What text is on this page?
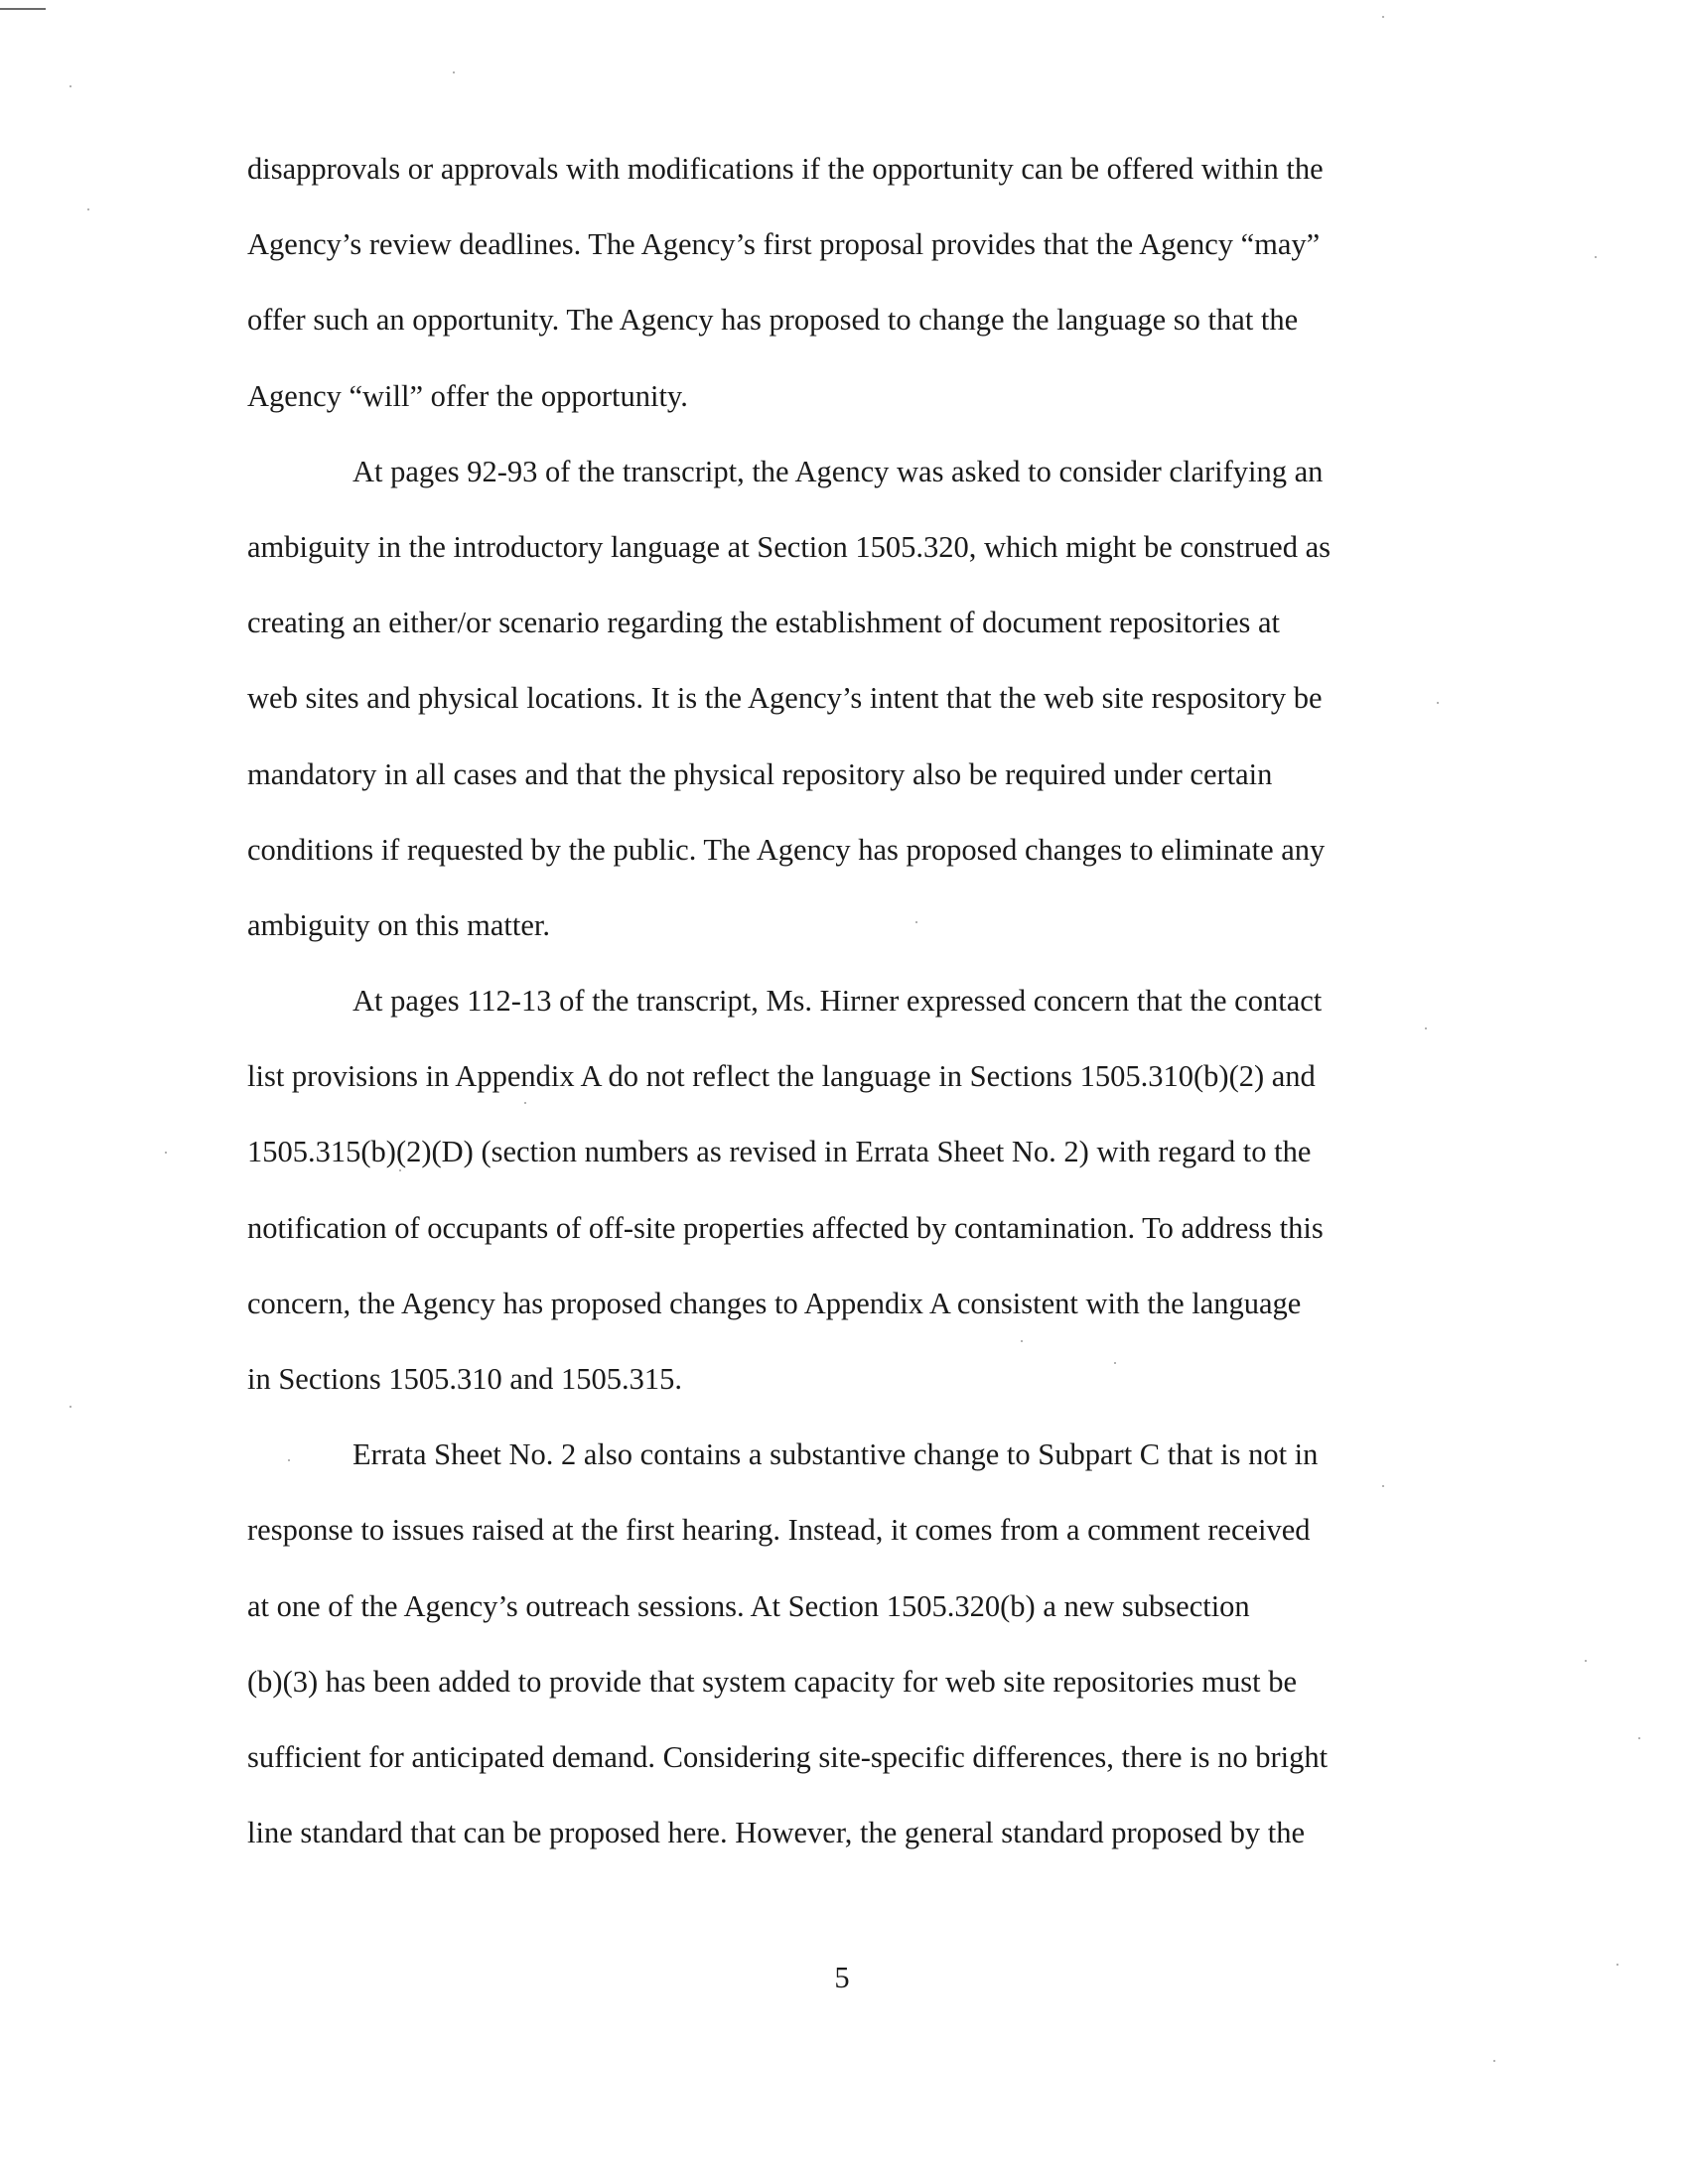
disapprovals or approvals with modifications if the opportunity can be offered within the
Agency’s review deadlines. The Agency’s first proposal provides that the Agency “may”
offer such an opportunity. The Agency has proposed to change the language so that the
Agency “will” offer the opportunity.
At pages 92-93 of the transcript, the Agency was asked to consider clarifying an
ambiguity in the introductory language at Section 1505.320, which might be construed as
creating an either/or scenario regarding the establishment of document repositories at
web sites and physical locations. It is the Agency’s intent that the web site respository be
mandatory in all cases and that the physical repository also be required under certain
conditions if requested by the public. The Agency has proposed changes to eliminate any
ambiguity on this matter.
At pages 112-13 of the transcript, Ms. Hirner expressed concern that the contact
list provisions in Appendix A do not reflect the language in Sections 1505.310(b)(2) and
1505.315(b)(2)(D) (section numbers as revised in Errata Sheet No. 2) with regard to the
notification of occupants of off-site properties affected by contamination. To address this
concern, the Agency has proposed changes to Appendix A consistent with the language
in Sections 1505.310 and 1505.315.
Errata Sheet No. 2 also contains a substantive change to Subpart C that is not in
response to issues raised at the first hearing. Instead, it comes from a comment received
at one of the Agency’s outreach sessions. At Section 1505.320(b) a new subsection
(b)(3) has been added to provide that system capacity for web site repositories must be
sufficient for anticipated demand. Considering site-specific differences, there is no bright
line standard that can be proposed here. However, the general standard proposed by the
5
